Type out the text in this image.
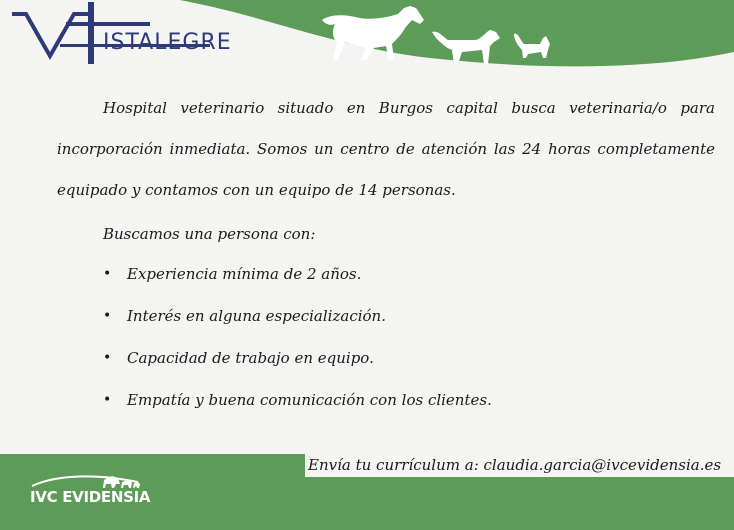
ISTALEGRE

Hospital veterinario situado en Burgos capital busca veterinaria/o para incorporación inmediata. Somos un centro de atención las 24 horas completamente equipado y contamos con un equipo de 14 personas.

Buscamos una persona con:

• Experiencia mínima de 2 años.
• Interés en alguna especialización.
• Capacidad de trabajo en equipo.
• Empatía y buena comunicación con los clientes.
Envía tu currículum a: claudia.garcia@ivcevidensia.es
IVC EVIDENSIA
